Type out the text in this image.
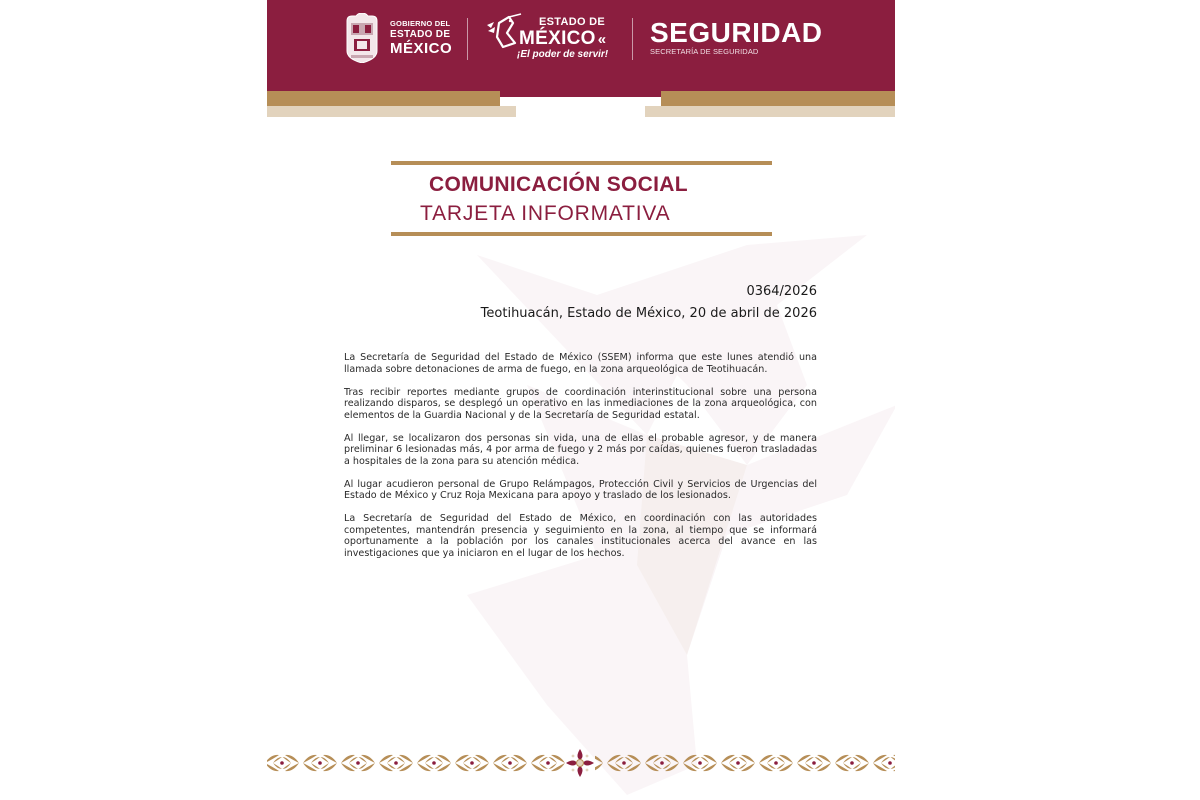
GOBIERNO DEL
ESTADO DE
MÉXICO
ESTADO DE
MÉXICO «
¡El poder de servir!
SEGURIDAD
SECRETARÍA DE SEGURIDAD
COMUNICACIÓN SOCIAL
TARJETA INFORMATIVA
0364/2026
Teotihuacán, Estado de México, 20 de abril de 2026

La Secretaría de Seguridad del Estado de México (SSEM) informa que este lunes atendió una llamada sobre detonaciones de arma de fuego, en la zona arqueológica de Teotihuacán.

Tras recibir reportes mediante grupos de coordinación interinstitucional sobre una persona realizando disparos, se desplegó un operativo en las inmediaciones de la zona arqueológica, con elementos de la Guardia Nacional y de la Secretaría de Seguridad estatal.

Al llegar, se localizaron dos personas sin vida, una de ellas el probable agresor, y de manera preliminar 6 lesionadas más, 4 por arma de fuego y 2 más por caídas, quienes fueron trasladadas a hospitales de la zona para su atención médica.

Al lugar acudieron personal de Grupo Relámpagos, Protección Civil y Servicios de Urgencias del Estado de México y Cruz Roja Mexicana para apoyo y traslado de los lesionados.

La Secretaría de Seguridad del Estado de México, en coordinación con las autoridades competentes, mantendrán presencia y seguimiento en la zona, al tiempo que se informará oportunamente a la población por los canales institucionales acerca del avance en las investigaciones que ya iniciaron en el lugar de los hechos.
